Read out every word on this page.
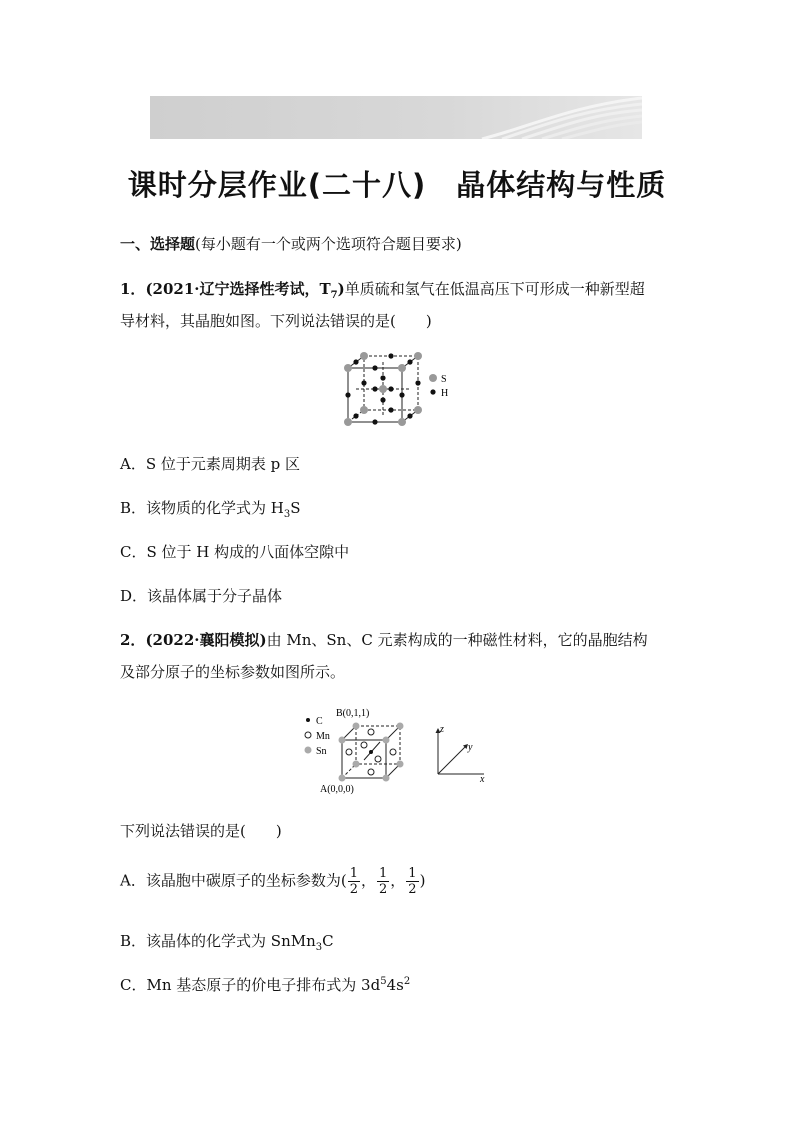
课时分层作业(二十八) 晶体结构与性质
一、选择题(每小题有一个或两个选项符合题目要求)
1．(2021·辽宁选择性考试，$T_7$)单质硫和氢气在低温高压下可形成一种新型超
导材料，其晶胞如图。下列说法错误的是(　　)
S
H
A．S 位于元素周期表 p 区
B．该物质的化学式为 $H_3S$
C．S 位于 H 构成的八面体空隙中
D．该晶体属于分子晶体
2．(2022·襄阳模拟)由 Mn、Sn、C 元素构成的一种磁性材料，它的晶胞结构
及部分原子的坐标参数如图所示。
C
Mn
Sn
B(0,1,1)
A(0,0,0)
z
y
x
下列说法错误的是(　　)
A．该晶胞中碳原子的坐标参数为( $\frac{1}{2}$ ， $\frac{1}{2}$ ， $\frac{1}{2}$ )
B．该晶体的化学式为 SnMn$_3$C
C．Mn 基态原子的价电子排布式为 $3d^54s^2$
